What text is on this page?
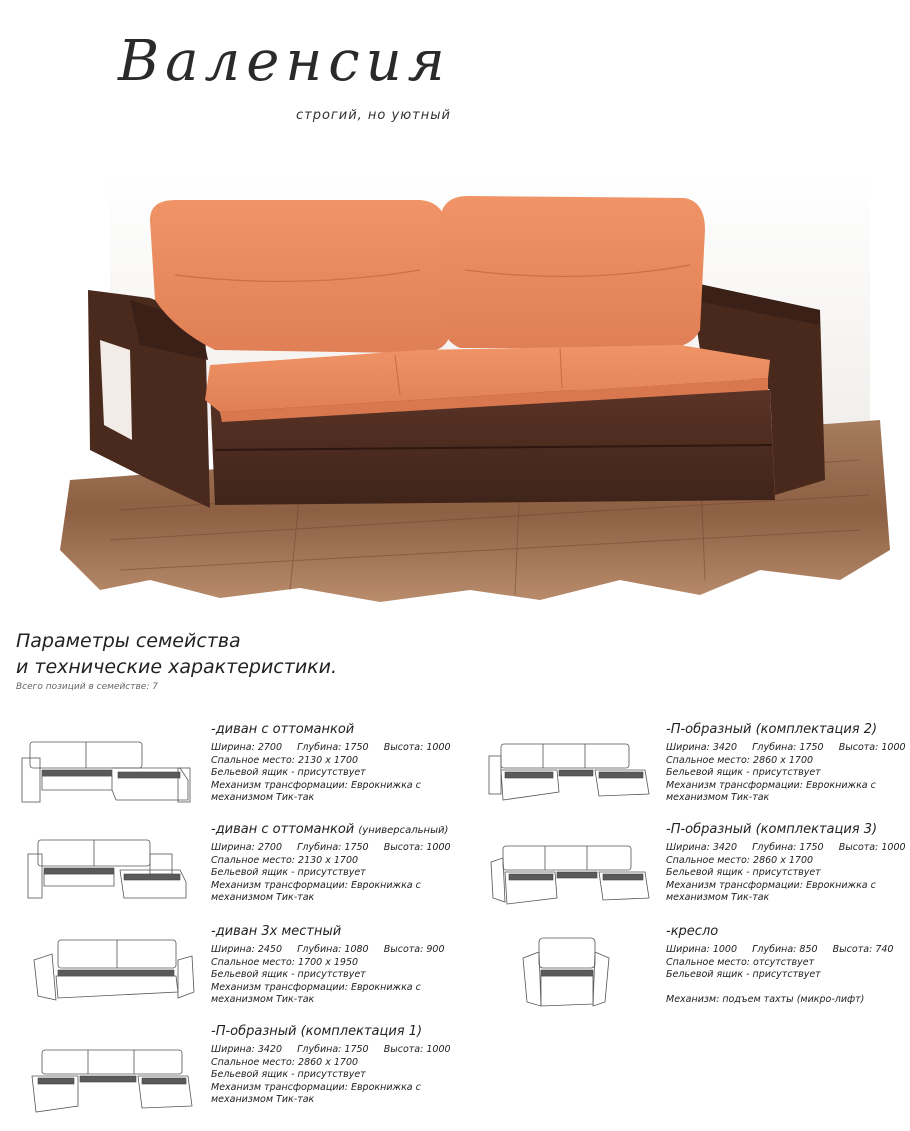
Валенсия
строгий, но уютный
Параметры семейства
и технические характеристики.
Всего позиций в семействе: 7
-диван с оттоманкой
Ширина: 2700 Глубина: 1750 Высота: 1000
Спальное место: 2130 х 1700
Бельевой ящик - присутствует
Механизм трансформации: Еврокнижка с
механизмом Тик-так
-диван с оттоманкой (универсальный)
Ширина: 2700 Глубина: 1750 Высота: 1000
Спальное место: 2130 х 1700
Бельевой ящик - присутствует
Механизм трансформации: Еврокнижка с
механизмом Тик-так
-диван 3х местный
Ширина: 2450 Глубина: 1080 Высота: 900
Спальное место: 1700 х 1950
Бельевой ящик - присутствует
Механизм трансформации: Еврокнижка с
механизмом Тик-так
-П-образный (комплектация 1)
Ширина: 3420 Глубина: 1750 Высота: 1000
Спальное место: 2860 х 1700
Бельевой ящик - присутствует
Механизм трансформации: Еврокнижка с
механизмом Тик-так
-П-образный (комплектация 2)
Ширина: 3420 Глубина: 1750 Высота: 1000
Спальное место: 2860 х 1700
Бельевой ящик - присутствует
Механизм трансформации: Еврокнижка с
механизмом Тик-так
-П-образный (комплектация 3)
Ширина: 3420 Глубина: 1750 Высота: 1000
Спальное место: 2860 х 1700
Бельевой ящик - присутствует
Механизм трансформации: Еврокнижка с
механизмом Тик-так
-кресло
Ширина: 1000 Глубина: 850 Высота: 740
Спальное место: отсутствует
Бельевой ящик - присутствует
Механизм: подъем тахты (микро-лифт)
